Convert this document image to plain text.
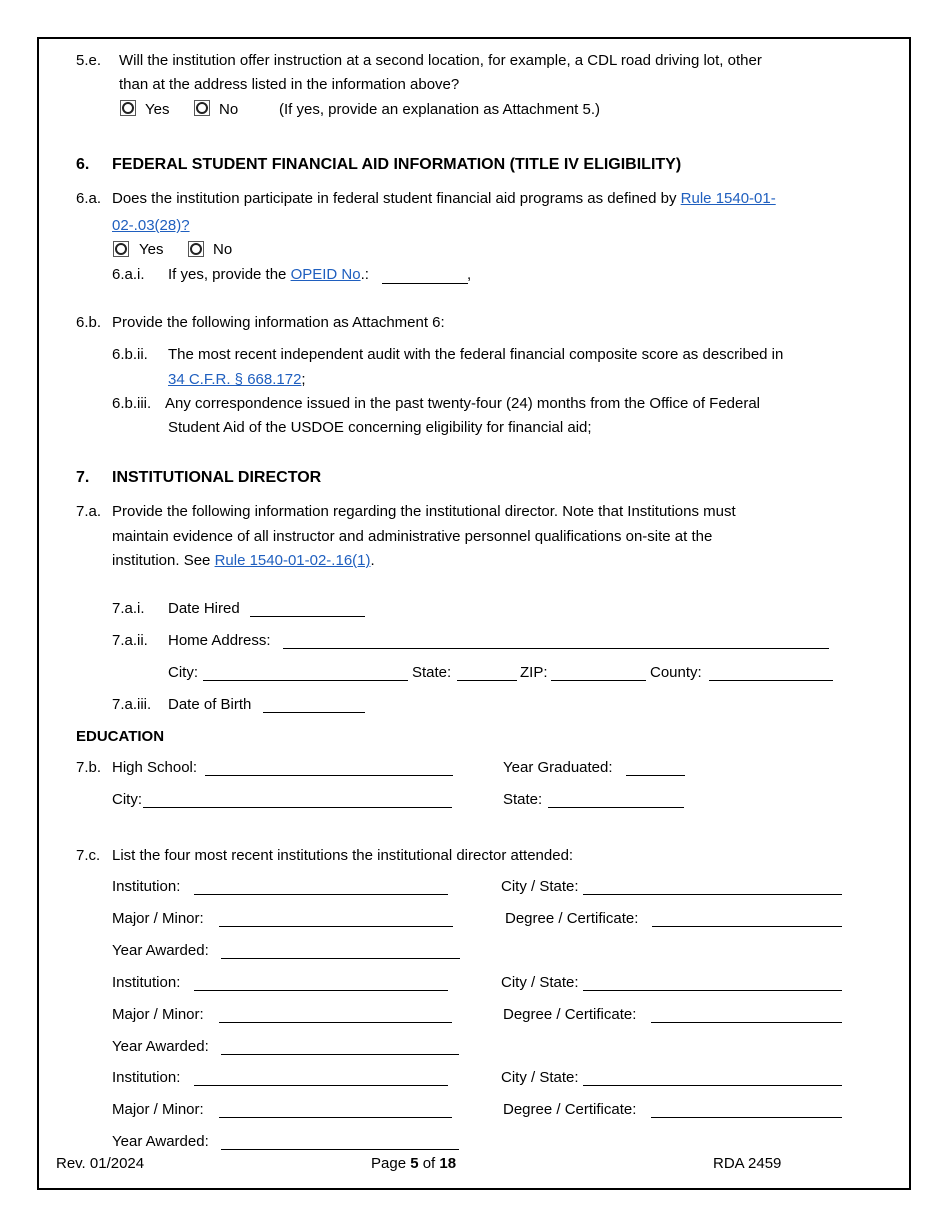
5.e. Will the institution offer instruction at a second location, for example, a CDL road driving lot, other
than at the address listed in the information above?
Yes	No	(If yes, provide an explanation as Attachment 5.)
6. FEDERAL STUDENT FINANCIAL AID INFORMATION (TITLE IV ELIGIBILITY)
6.a. Does the institution participate in federal student financial aid programs as defined by Rule 1540-01-
02-.03(28)?
Yes	No
6.a.i. If yes, provide the OPEID No.:	,
6.b. Provide the following information as Attachment 6:
6.b.ii. The most recent independent audit with the federal financial composite score as described in
34 C.F.R. § 668.172;
6.b.iii. Any correspondence issued in the past twenty-four (24) months from the Office of Federal
Student Aid of the USDOE concerning eligibility for financial aid;
7. INSTITUTIONAL DIRECTOR
7.a. Provide the following information regarding the institutional director. Note that Institutions must
maintain evidence of all instructor and administrative personnel qualifications on-site at the
institution. See Rule 1540-01-02-.16(1).
7.a.i. Date Hired
7.a.ii. Home Address:
City:	State:	ZIP:	County:
7.a.iii. Date of Birth
EDUCATION
7.b. High School:	Year Graduated:
City:	State:
7.c. List the four most recent institutions the institutional director attended:
Institution:	City / State:
Major / Minor:	Degree / Certificate:
Year Awarded:
Institution:	City / State:
Major / Minor:	Degree / Certificate:
Year Awarded:
Institution:	City / State:
Major / Minor:	Degree / Certificate:
Year Awarded:
Rev. 01/2024	Page 5 of 18	RDA 2459
